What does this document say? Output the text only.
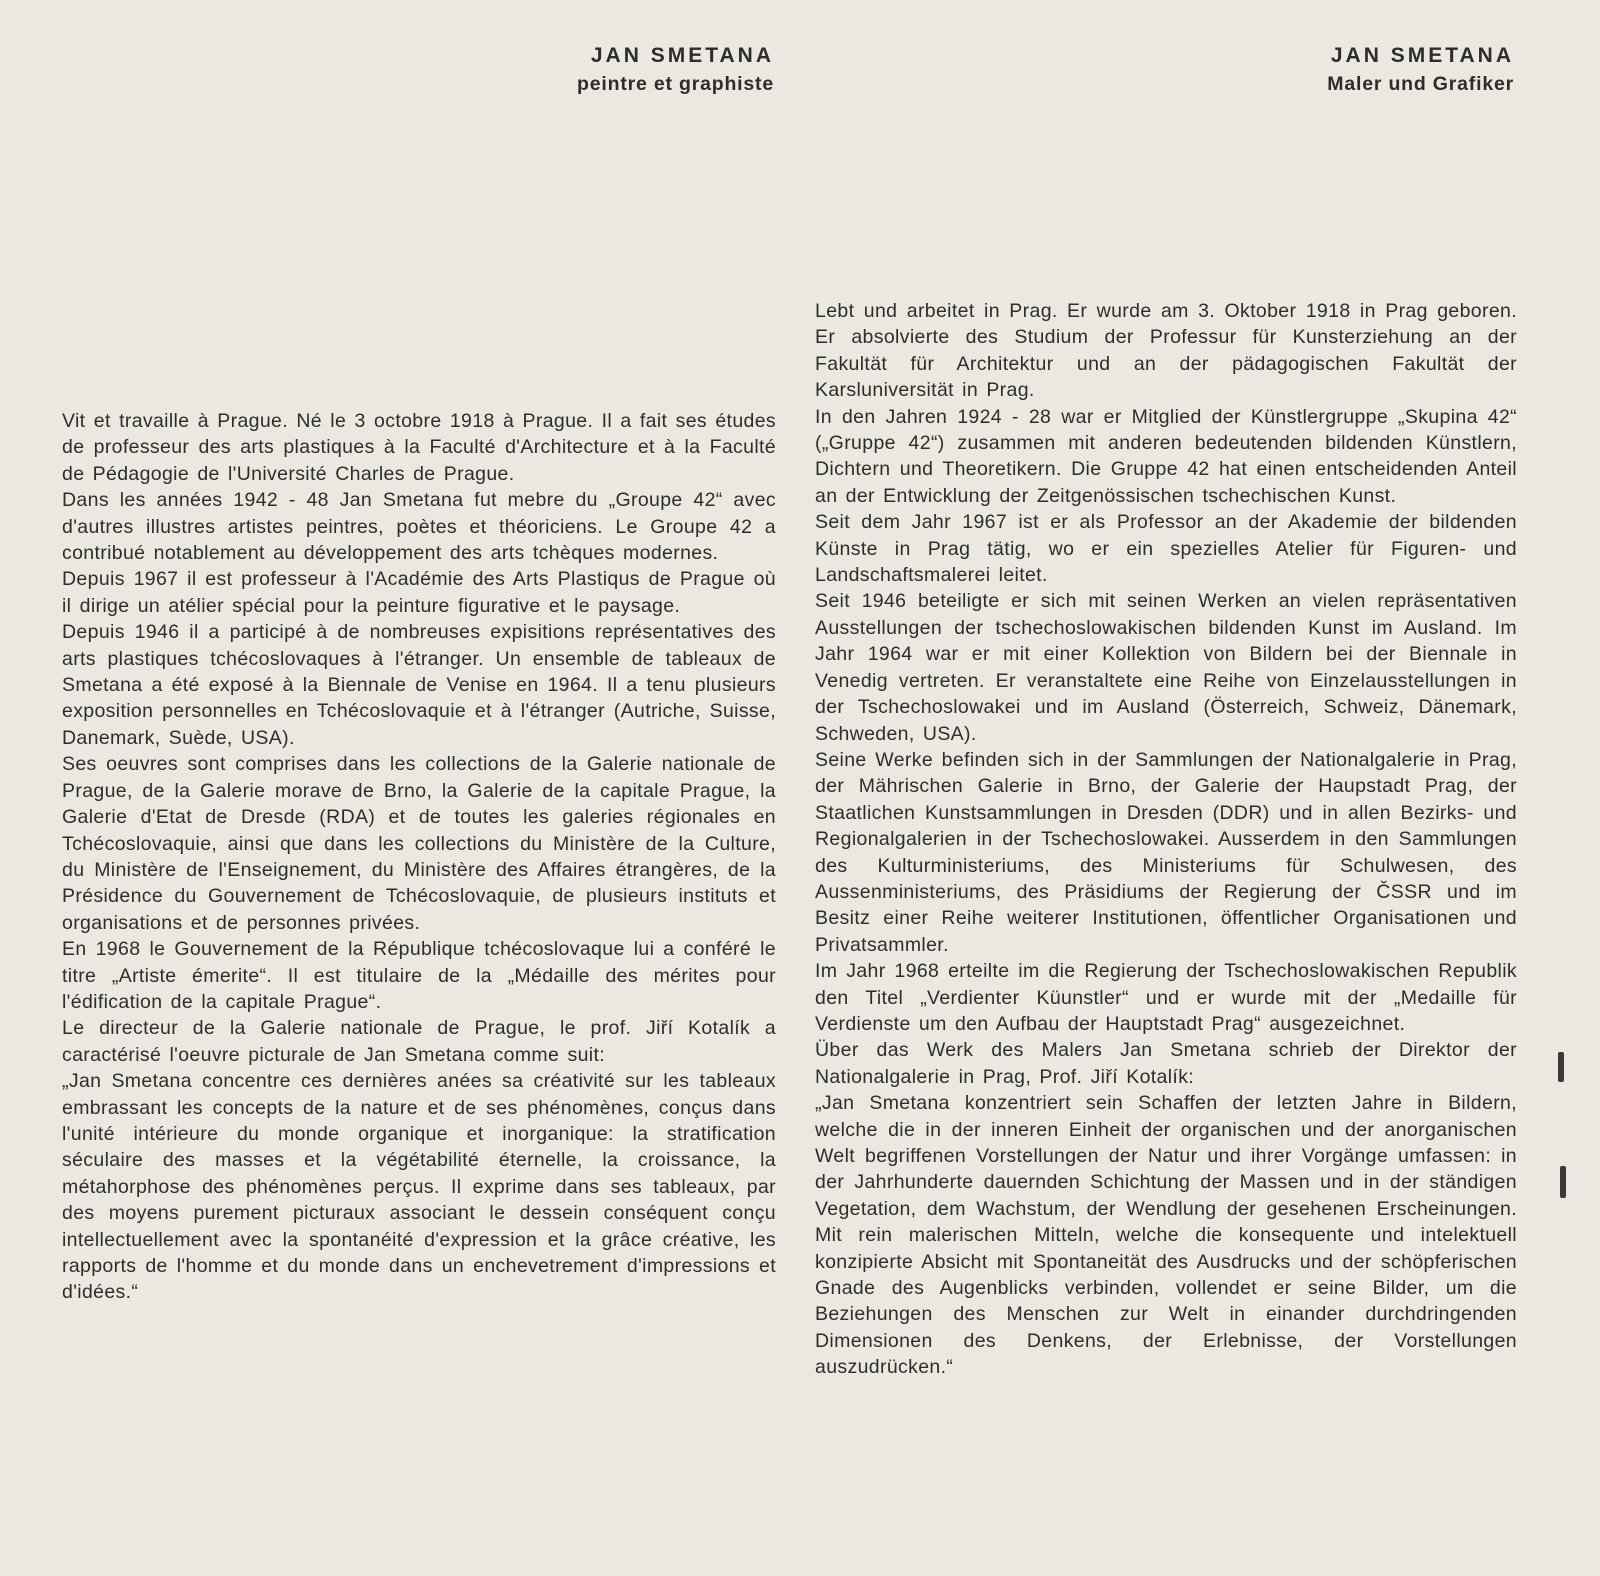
JAN SMETANA
peintre et graphiste
JAN SMETANA
Maler und Grafiker

Vit et travaille à Prague. Né le 3 octobre 1918 à Prague. Il a fait ses études de professeur des arts plastiques à la Faculté d'Architecture et à la Faculté de Pédagogie de l'Université Charles de Prague.

Dans les années 1942 - 48 Jan Smetana fut mebre du „Groupe 42“ avec d'autres illustres artistes peintres, poètes et théoriciens. Le Groupe 42 a contribué notablement au développement des arts tchèques modernes.

Depuis 1967 il est professeur à l'Académie des Arts Plastiqus de Prague où il dirige un atélier spécial pour la peinture figurative et le paysage.

Depuis 1946 il a participé à de nombreuses expisitions représentatives des arts plastiques tchécoslovaques à l'étranger. Un ensemble de tableaux de Smetana a été exposé à la Biennale de Venise en 1964. Il a tenu plusieurs exposition personnelles en Tchécoslovaquie et à l'étranger (Autriche, Suisse, Danemark, Suède, USA).

Ses oeuvres sont comprises dans les collections de la Galerie nationale de Prague, de la Galerie morave de Brno, la Galerie de la capitale Prague, la Galerie d'Etat de Dresde (RDA) et de toutes les galeries régionales en Tchécoslovaquie, ainsi que dans les collections du Ministère de la Culture, du Ministère de l'Enseignement, du Ministère des Affaires étrangères, de la Présidence du Gouvernement de Tchécoslovaquie, de plusieurs instituts et organisations et de personnes privées.

En 1968 le Gouvernement de la République tchécoslovaque lui a conféré le titre „Artiste émerite“. Il est titulaire de la „Médaille des mérites pour l'édification de la capitale Prague“.

Le directeur de la Galerie nationale de Prague, le prof. Jiří Kotalík a caractérisé l'oeuvre picturale de Jan Smetana comme suit:

„Jan Smetana concentre ces dernières anées sa créativité sur les tableaux embrassant les concepts de la nature et de ses phénomènes, conçus dans l'unité intérieure du monde organique et inorganique: la stratification séculaire des masses et la végétabilité éternelle, la croissance, la métahorphose des phénomènes perçus. Il exprime dans ses tableaux, par des moyens purement picturaux associant le dessein conséquent conçu intellectuellement avec la spontanéité d'expression et la grâce créative, les rapports de l'homme et du monde dans un enchevetrement d'impressions et d'idées.“

Lebt und arbeitet in Prag. Er wurde am 3. Oktober 1918 in Prag geboren. Er absolvierte des Studium der Professur für Kunsterziehung an der Fakultät für Architektur und an der pädagogischen Fakultät der Karsluniversität in Prag.

In den Jahren 1924 - 28 war er Mitglied der Künstlergruppe „Skupina 42“ („Gruppe 42“) zusammen mit anderen bedeutenden bildenden Künstlern, Dichtern und Theoretikern. Die Gruppe 42 hat einen entscheidenden Anteil an der Entwicklung der Zeitgenössischen tschechischen Kunst.

Seit dem Jahr 1967 ist er als Professor an der Akademie der bildenden Künste in Prag tätig, wo er ein spezielles Atelier für Figuren- und Landschaftsmalerei leitet.

Seit 1946 beteiligte er sich mit seinen Werken an vielen repräsentativen Ausstellungen der tschechoslowakischen bildenden Kunst im Ausland. Im Jahr 1964 war er mit einer Kollektion von Bildern bei der Biennale in Venedig vertreten. Er veranstaltete eine Reihe von Einzelausstellungen in der Tschechoslowakei und im Ausland (Österreich, Schweiz, Dänemark, Schweden, USA).

Seine Werke befinden sich in der Sammlungen der Nationalgalerie in Prag, der Mährischen Galerie in Brno, der Galerie der Haupstadt Prag, der Staatlichen Kunstsammlungen in Dresden (DDR) und in allen Bezirks- und Regionalgalerien in der Tschechoslowakei. Ausserdem in den Sammlungen des Kulturministeriums, des Ministeriums für Schulwesen, des Aussenministeriums, des Präsidiums der Regierung der ČSSR und im Besitz einer Reihe weiterer Institutionen, öffentlicher Organisationen und Privatsammler.

Im Jahr 1968 erteilte im die Regierung der Tschechoslowakischen Republik den Titel „Verdienter Küunstler“ und er wurde mit der „Medaille für Verdienste um den Aufbau der Hauptstadt Prag“ ausgezeichnet.

Über das Werk des Malers Jan Smetana schrieb der Direktor der Nationalgalerie in Prag, Prof. Jiří Kotalík:

„Jan Smetana konzentriert sein Schaffen der letzten Jahre in Bildern, welche die in der inneren Einheit der organischen und der anorganischen Welt begriffenen Vorstellungen der Natur und ihrer Vorgänge umfassen: in der Jahrhunderte dauernden Schichtung der Massen und in der ständigen Vegetation, dem Wachstum, der Wendlung der gesehenen Erscheinungen. Mit rein malerischen Mitteln, welche die konsequente und intelektuell konzipierte Absicht mit Spontaneität des Ausdrucks und der schöpferischen Gnade des Augenblicks verbinden, vollendet er seine Bilder, um die Beziehungen des Menschen zur Welt in einander durchdringenden Dimensionen des Denkens, der Erlebnisse, der Vorstellungen auszudrücken.“
